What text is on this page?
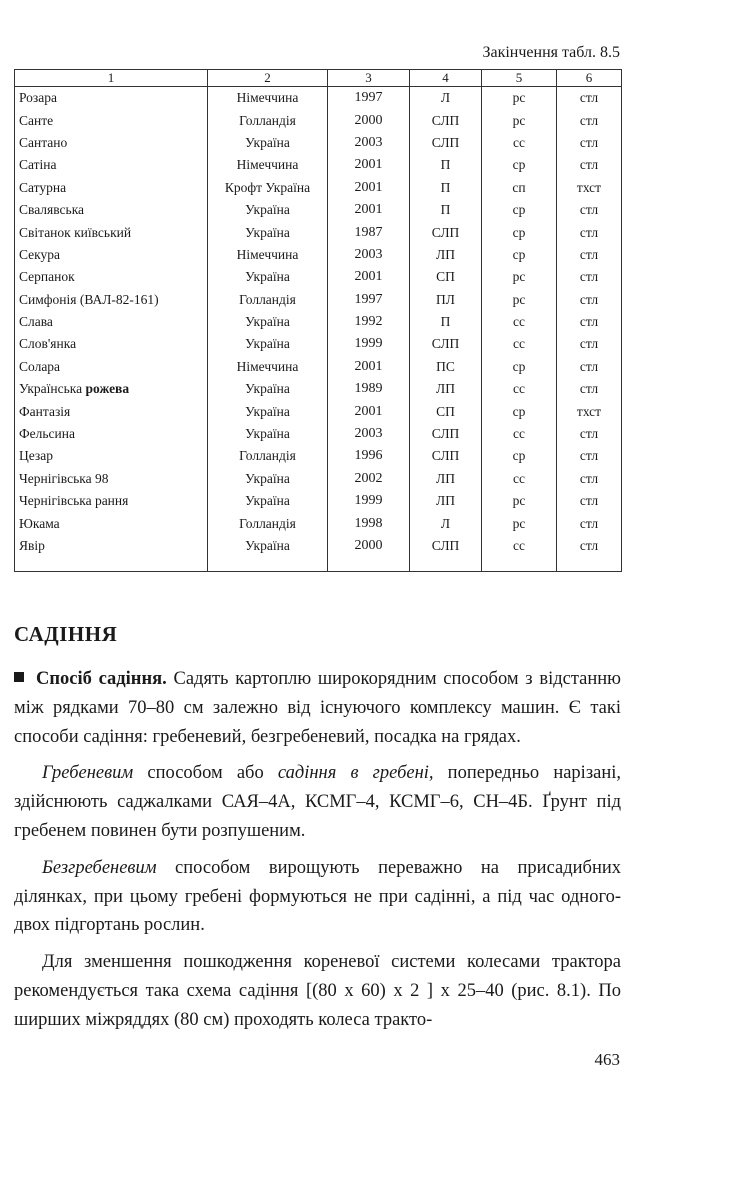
Закінчення табл. 8.5
1	2	3	4	5	6
Розара	Німеччина	1997	Л	рс	стл
Санте	Голландія	2000	СЛП	рс	стл
Сантано	Україна	2003	СЛП	сс	стл
Сатіна	Німеччина	2001	П	ср	стл
Сатурна	Крофт Україна	2001	П	сп	тхст
Свалявська	Україна	2001	П	ср	стл
Світанок київський	Україна	1987	СЛП	ср	стл
Секура	Німеччина	2003	ЛП	ср	стл
Серпанок	Україна	2001	СП	рс	стл
Симфонія (ВАЛ-82-161)	Голландія	1997	ПЛ	рс	стл
Слава	Україна	1992	П	сс	стл
Слов'янка	Україна	1999	СЛП	сс	стл
Солара	Німеччина	2001	ПС	ср	стл
Українська рожева	Україна	1989	ЛП	сс	стл
Фантазія	Україна	2001	СП	ср	тхст
Фельсина	Україна	2003	СЛП	сс	стл
Цезар	Голландія	1996	СЛП	ср	стл
Чернігівська 98	Україна	2002	ЛП	сс	стл
Чернігівська рання	Україна	1999	ЛП	рс	стл
Юкама	Голландія	1998	Л	рс	стл
Явір	Україна	2000	СЛП	сс	стл
САДІННЯ

Спосіб садіння. Садять картоплю широкорядним способом з відстанню між рядками 70–80 см залежно від існуючого комплексу машин. Є такі способи садіння: гребеневий, безгребеневий, посадка на грядах.

Гребеневим способом або садіння в гребені, попередньо нарізані, здійснюють саджалками САЯ–4А, КСМГ–4, КСМГ–6, СН–4Б. Ґрунт під гребенем повинен бути розпушеним.

Безгребеневим способом вирощують переважно на присадибних ділянках, при цьому гребені формуються не при садінні, а під час одного-двох підгортань рослин.

Для зменшення пошкодження кореневої системи колесами трактора рекомендується така схема садіння [(80 х 60) х 2 ] х 25–40 (рис. 8.1). По ширших міжряддях (80 см) проходять колеса тракто-

463
